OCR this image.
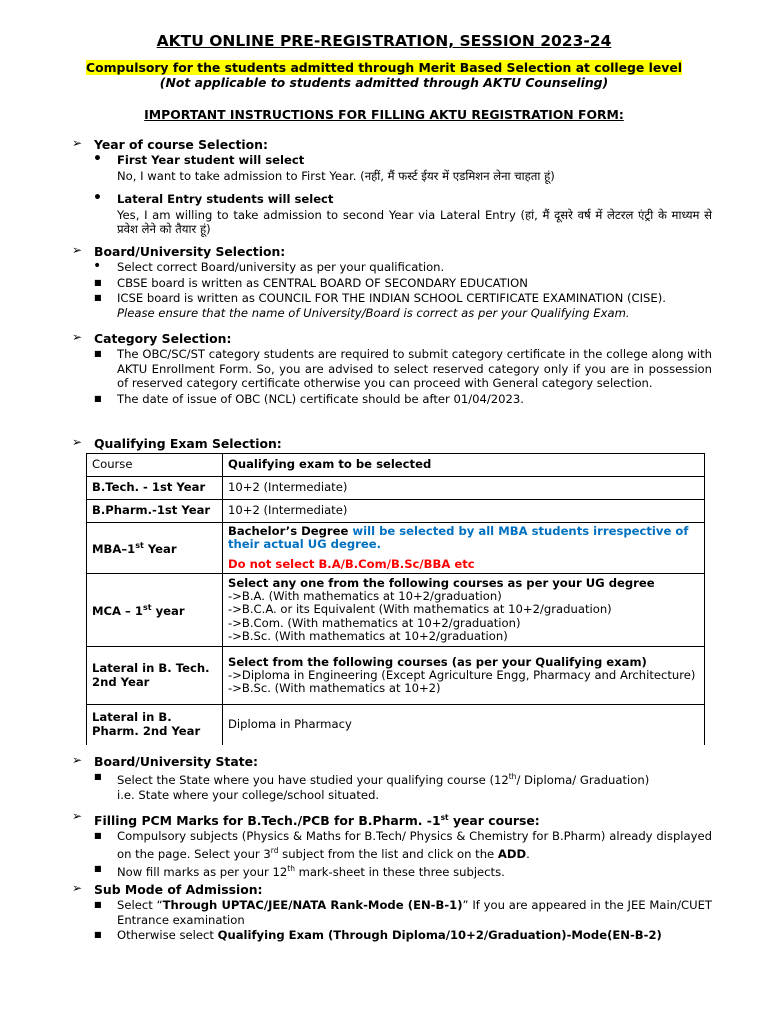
AKTU ONLINE PRE-REGISTRATION, SESSION 2023-24
Compulsory for the students admitted through Merit Based Selection at college level
(Not applicable to students admitted through AKTU Counseling)
IMPORTANT INSTRUCTIONS FOR FILLING AKTU REGISTRATION FORM:
➢ Year of course Selection:
• First Year student will select
No, I want to take admission to First Year. (नहीं, मैं फर्स्ट ईयर में एडमिशन लेना चाहता हूं)
• Lateral Entry students will select
Yes, I am willing to take admission to second Year via Lateral Entry (हां, मैं दूसरे वर्ष में लेटरल एंट्री के माध्यम से प्रवेश लेने को तैयार हूं)
➢ Board/University Selection:
• Select correct Board/university as per your qualification.
■ CBSE board is written as CENTRAL BOARD OF SECONDARY EDUCATION
■ ICSE board is written as COUNCIL FOR THE INDIAN SCHOOL CERTIFICATE EXAMINATION (CISE).
Please ensure that the name of University/Board is correct as per your Qualifying Exam.
➢ Category Selection:
■ The OBC/SC/ST category students are required to submit category certificate in the college along with AKTU Enrollment Form. So, you are advised to select reserved category only if you are in possession of reserved category certificate otherwise you can proceed with General category selection.
■ The date of issue of OBC (NCL) certificate should be after 01/04/2023.
➢ Qualifying Exam Selection:
Course	Qualifying exam to be selected
B.Tech. - 1st Year	10+2 (Intermediate)
B.Pharm.-1st Year	10+2 (Intermediate)
MBA–1st Year	Bachelor’s Degree will be selected by all MBA students irrespective of their actual UG degree.
Do not select B.A/B.Com/B.Sc/BBA etc

MCA – 1st year	Select any one from the following courses as per your UG degree
->B.A. (With mathematics at 10+2/graduation)
->B.C.A. or its Equivalent (With mathematics at 10+2/graduation)
->B.Com. (With mathematics at 10+2/graduation)
->B.Sc. (With mathematics at 10+2/graduation)

Lateral in B. Tech. 2nd Year	Select from the following courses (as per your Qualifying exam)
->Diploma in Engineering (Except Agriculture Engg, Pharmacy and Architecture)
->B.Sc. (With mathematics at 10+2)

Lateral in B. Pharm. 2nd Year	Diploma in Pharmacy
➢ Board/University State:
■ Select the State where you have studied your qualifying course (12th/ Diploma/ Graduation)
i.e. State where your college/school situated.
➢ Filling PCM Marks for B.Tech./PCB for B.Pharm. -1st year course:
■ Compulsory subjects (Physics & Maths for B.Tech/ Physics & Chemistry for B.Pharm) already displayed on the page. Select your 3rd subject from the list and click on the ADD.
■ Now fill marks as per your 12th mark-sheet in these three subjects.
➢ Sub Mode of Admission:
■ Select “Through UPTAC/JEE/NATA Rank-Mode (EN-B-1)” If you are appeared in the JEE Main/CUET Entrance examination
■ Otherwise select Qualifying Exam (Through Diploma/10+2/Graduation)-Mode(EN-B-2)
